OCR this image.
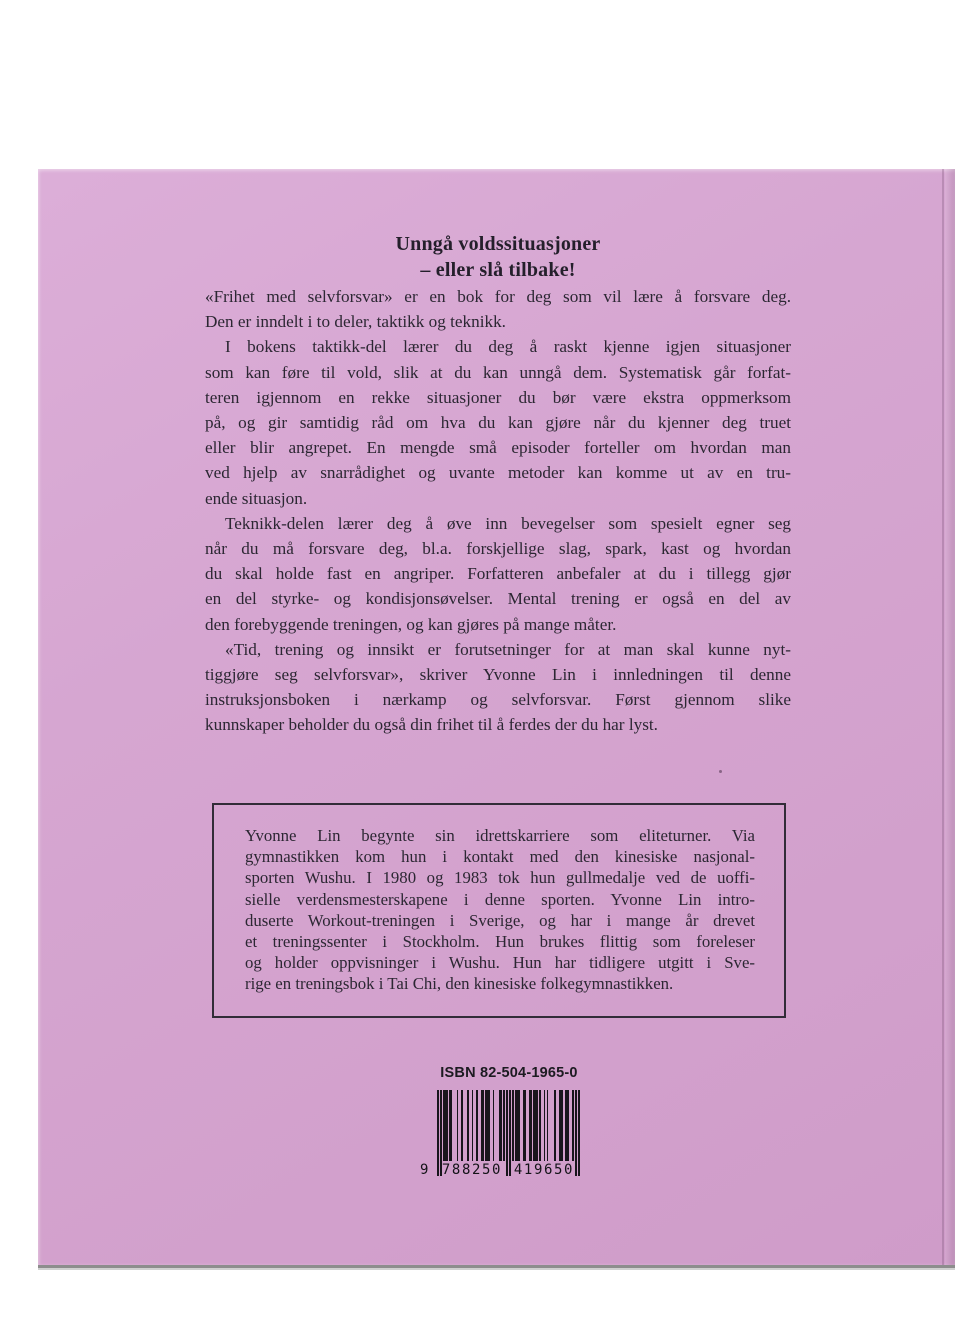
Unngå voldssituasjoner
– eller slå tilbake!
«Frihet med selvforsvar» er en bok for deg som vil lære å forsvare deg.
Den er inndelt i to deler, taktikk og teknikk.
I bokens taktikk-del lærer du deg å raskt kjenne igjen situasjoner
som kan føre til vold, slik at du kan unngå dem. Systematisk går forfat-
teren igjennom en rekke situasjoner du bør være ekstra oppmerksom
på, og gir samtidig råd om hva du kan gjøre når du kjenner deg truet
eller blir angrepet. En mengde små episoder forteller om hvordan man
ved hjelp av snarrådighet og uvante metoder kan komme ut av en tru-
ende situasjon.
Teknikk-delen lærer deg å øve inn bevegelser som spesielt egner seg
når du må forsvare deg, bl.a. forskjellige slag, spark, kast og hvordan
du skal holde fast en angriper. Forfatteren anbefaler at du i tillegg gjør
en del styrke- og kondisjonsøvelser. Mental trening er også en del av
den forebyggende treningen, og kan gjøres på mange måter.
«Tid, trening og innsikt er forutsetninger for at man skal kunne nyt-
tiggjøre seg selvforsvar», skriver Yvonne Lin i innledningen til denne
instruksjonsboken i nærkamp og selvforsvar. Først gjennom slike
kunnskaper beholder du også din frihet til å ferdes der du har lyst.
Yvonne Lin begynte sin idrettskarriere som eliteturner. Via
gymnastikken kom hun i kontakt med den kinesiske nasjonal-
sporten Wushu. I 1980 og 1983 tok hun gullmedalje ved de uoffi-
sielle verdensmesterskapene i denne sporten. Yvonne Lin intro-
duserte Workout-treningen i Sverige, og har i mange år drevet
et treningssenter i Stockholm. Hun brukes flittig som foreleser
og holder oppvisninger i Wushu. Hun har tidligere utgitt i Sve-
rige en treningsbok i Tai Chi, den kinesiske folkegymnastikken.
ISBN 82-504-1965-0
9 788250 419650
